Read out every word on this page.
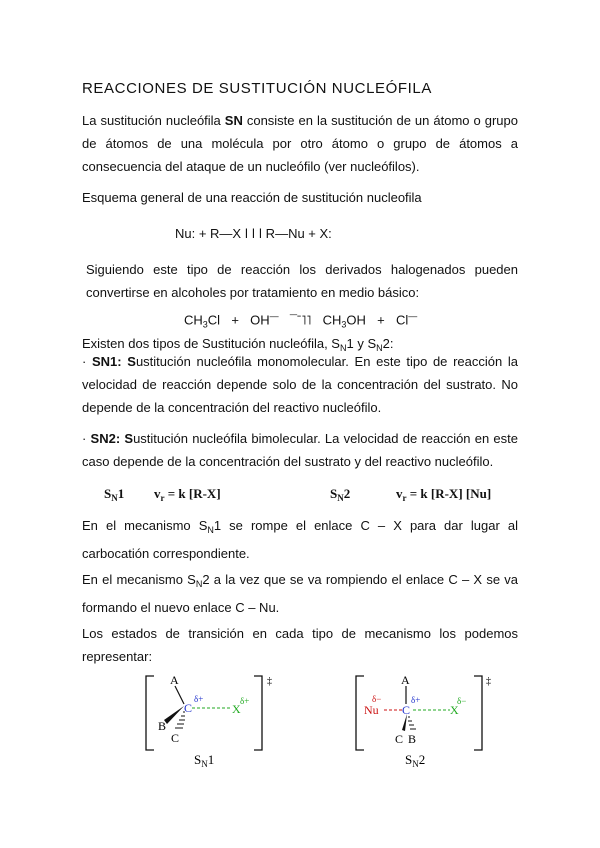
REACCIONES DE SUSTITUCIÓN NUCLEÓFILA
La sustitución nucleófila SN consiste en la sustitución de un átomo o grupo de átomos de una molécula por otro átomo o grupo de átomos a consecuencia del ataque de un nucleófilo (ver nucleófilos).
Esquema general de una reacción de sustitución nucleofila
Nu: + R—X ǀ ǀ ǀ R—Nu + X:
Siguiendo este tipo de reacción los derivados halogenados pueden convertirse en alcoholes por tratamiento en medio básico:
$CH_3Cl + OH^—$ ¯ˉ˥˥ $CH_3OH + Cl^—$
Existen dos tipos de Sustitución nucleófila, $S_N1$ y $S_N2$:
· SN1: Sustitución nucleófila monomolecular. En este tipo de reacción la velocidad de reacción depende solo de la concentración del sustrato. No depende de la concentración del reactivo nucleófilo.
· SN2: Sustitución nucleófila bimolecular. La velocidad de reacción en este caso depende de la concentración del sustrato y del reactivo nucleófilo.
$S_N1$ $v_r = k$ [R-X]	$S_N2$	$v_r = k$ [R-X] [Nu]
En el mecanismo $S_N1$ se rompe el enlace C – X para dar lugar al carbocatión correspondiente.
En el mecanismo $S_N2$ a la vez que se va rompiendo el enlace C – X se va formando el nuevo enlace C – Nu.
Los estados de transición en cada tipo de mecanismo los podemos representar:
A
B
C
C
δ+
X
δ+
‡
$S_N1$
A
Nu
δ−
C
δ+
X
δ−
C B
‡
$S_N2$
